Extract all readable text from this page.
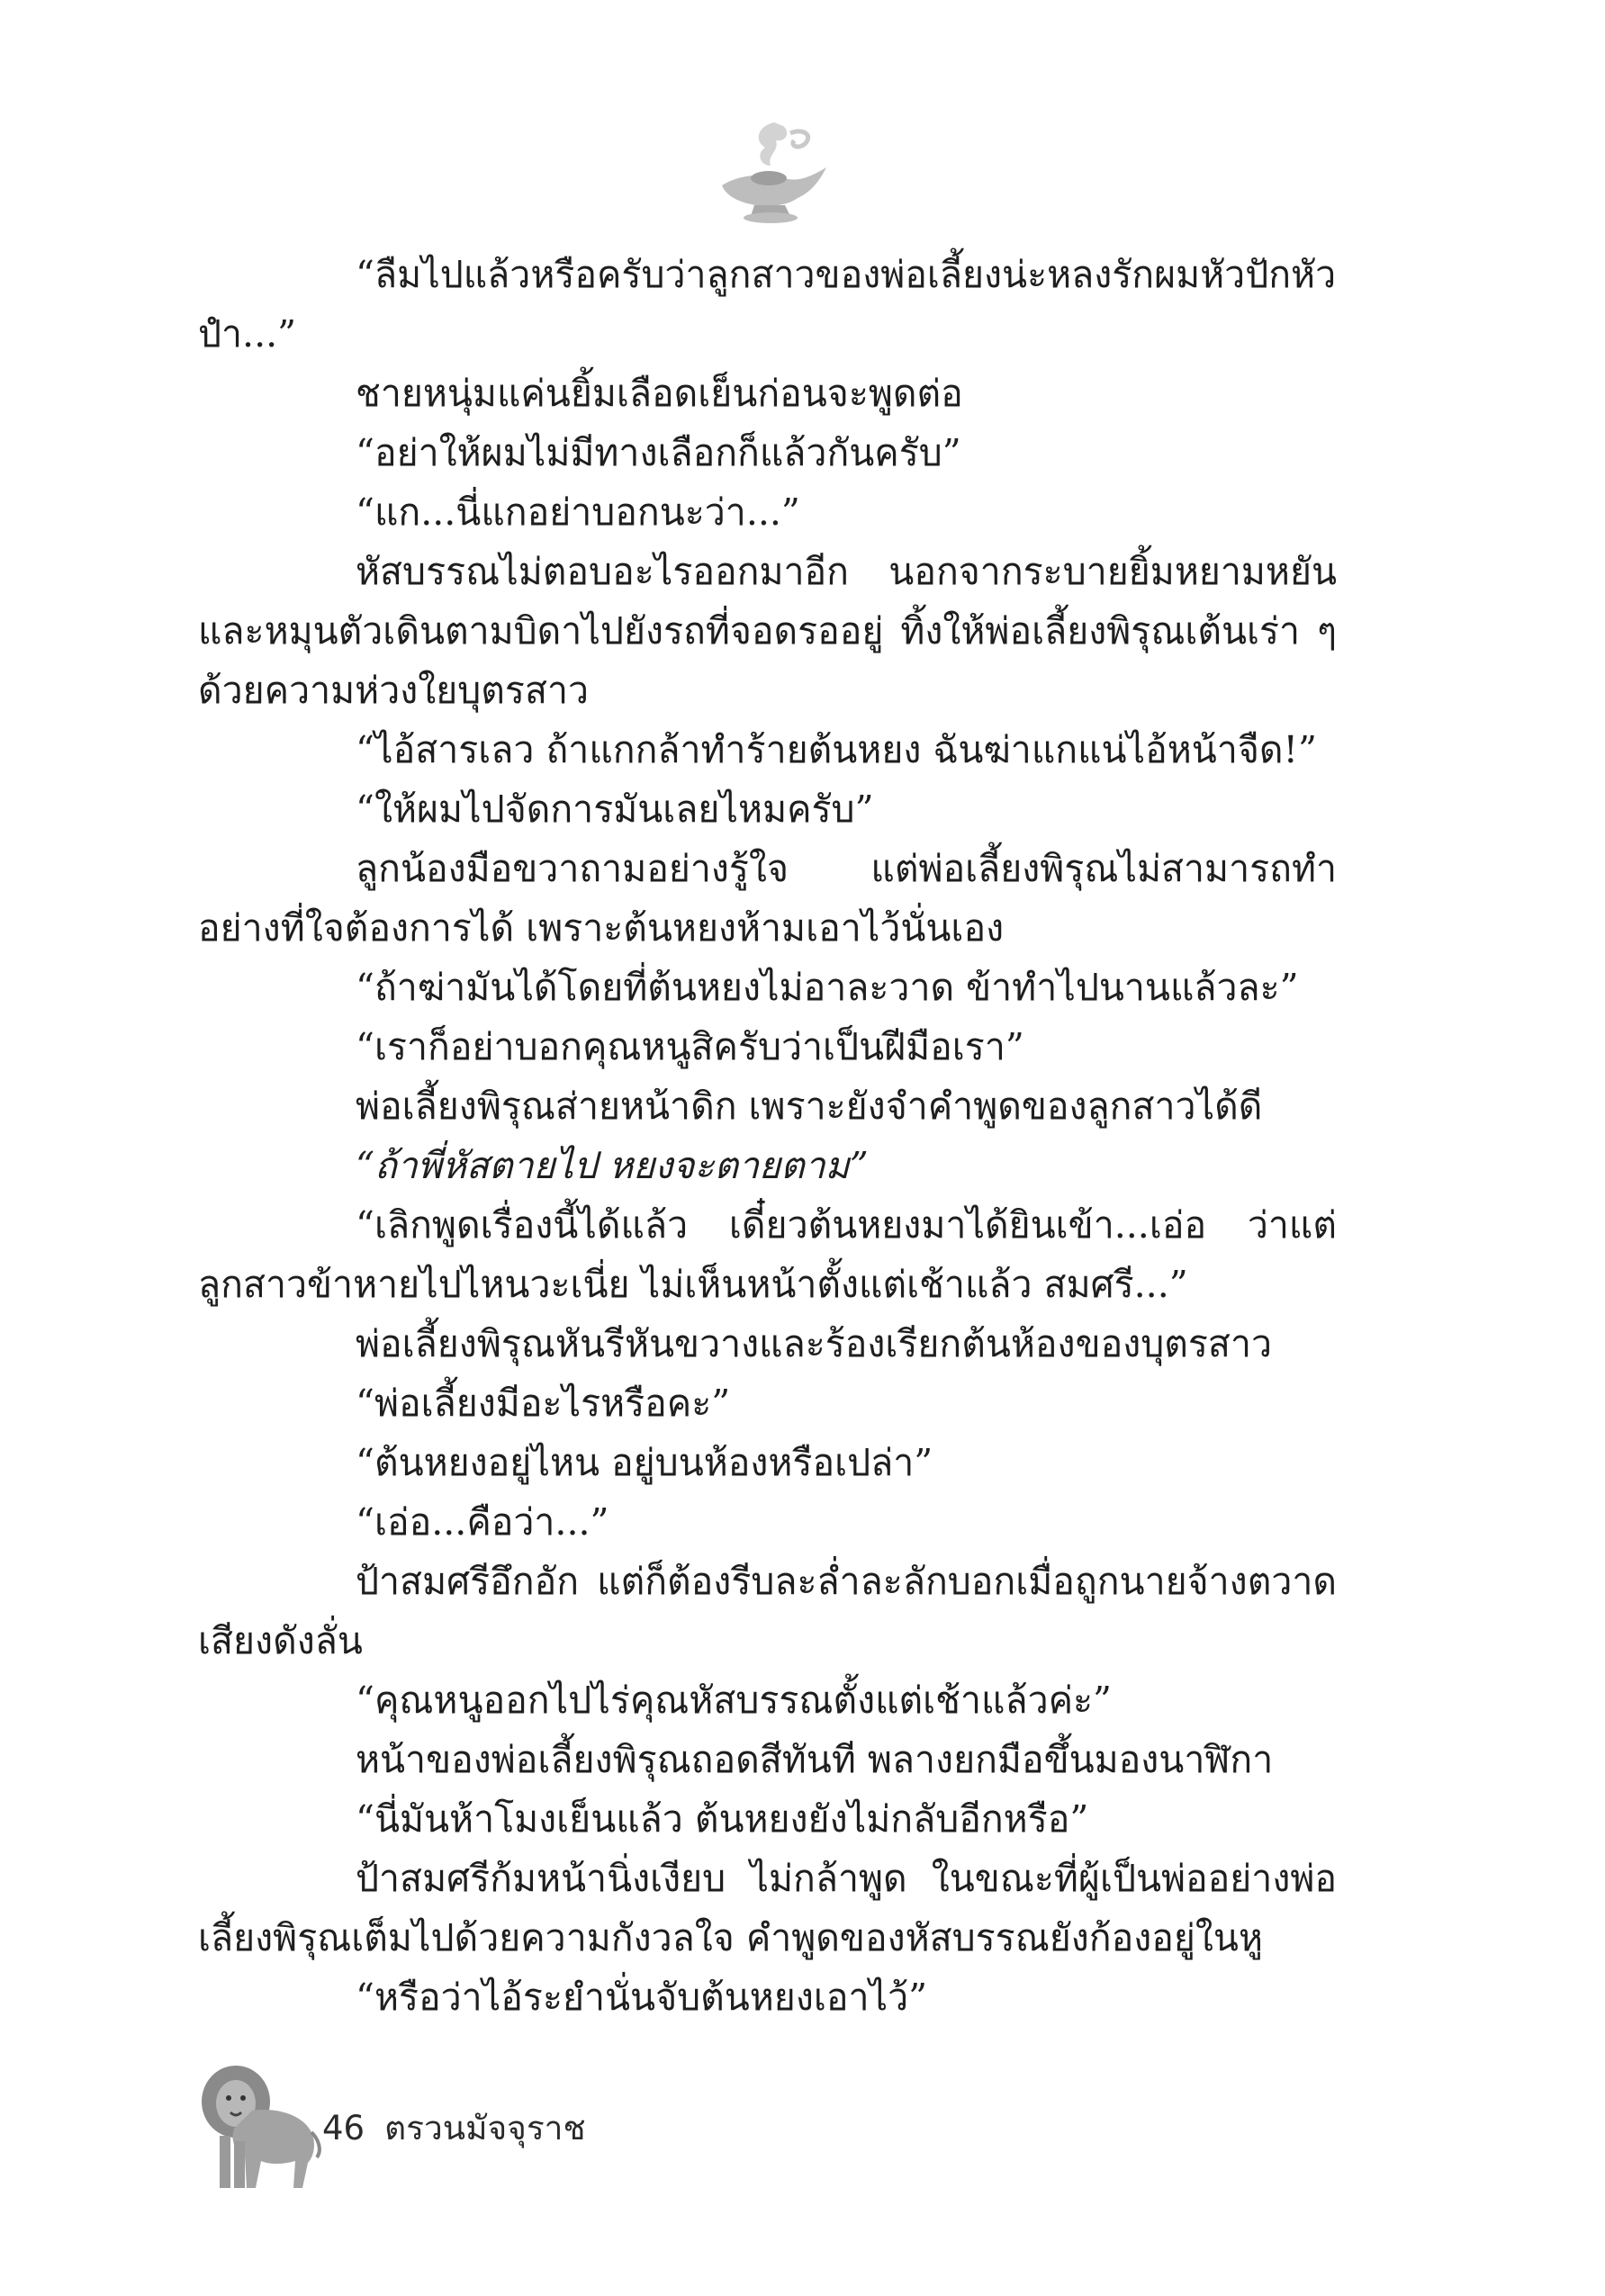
“ลืมไปแล้วหรือครับว่าลูกสาวของพ่อเลี้ยงน่ะหลงรักผมหัวปักหัวปำ...”

ชายหนุ่มแค่นยิ้มเลือดเย็นก่อนจะพูดต่อ

“อย่าให้ผมไม่มีทางเลือกก็แล้วกันครับ”

“แก...นี่แกอย่าบอกนะว่า...”

หัสบรรณไม่ตอบอะไรออกมาอีก นอกจากระบายยิ้มหยามหยัน และหมุนตัวเดินตามบิดาไปยังรถที่จอดรออยู่ ทิ้งให้พ่อเลี้ยงพิรุณเต้นเร่า ๆ ด้วยความห่วงใยบุตรสาว

“ไอ้สารเลว ถ้าแกกล้าทำร้ายต้นหยง ฉันฆ่าแกแน่ไอ้หน้าจืด!”

“ให้ผมไปจัดการมันเลยไหมครับ”

ลูกน้องมือขวาถามอย่างรู้ใจ แต่พ่อเลี้ยงพิรุณไม่สามารถทำอย่างที่ใจต้องการได้ เพราะต้นหยงห้ามเอาไว้นั่นเอง

“ถ้าฆ่ามันได้โดยที่ต้นหยงไม่อาละวาด ข้าทำไปนานแล้วละ”

“เราก็อย่าบอกคุณหนูสิครับว่าเป็นฝีมือเรา”

พ่อเลี้ยงพิรุณส่ายหน้าดิก เพราะยังจำคำพูดของลูกสาวได้ดี

“ถ้าพี่หัสตายไป หยงจะตายตาม”

“เลิกพูดเรื่องนี้ได้แล้ว เดี๋ยวต้นหยงมาได้ยินเข้า...เอ่อ ว่าแต่ลูกสาวข้าหายไปไหนวะเนี่ย ไม่เห็นหน้าตั้งแต่เช้าแล้ว สมศรี...”

พ่อเลี้ยงพิรุณหันรีหันขวางและร้องเรียกต้นห้องของบุตรสาว

“พ่อเลี้ยงมีอะไรหรือคะ”

“ต้นหยงอยู่ไหน อยู่บนห้องหรือเปล่า”

“เอ่อ...คือว่า...”

ป้าสมศรีอึกอัก แต่ก็ต้องรีบละล่ำละลักบอกเมื่อถูกนายจ้างตวาดเสียงดังลั่น

“คุณหนูออกไปไร่คุณหัสบรรณตั้งแต่เช้าแล้วค่ะ”

หน้าของพ่อเลี้ยงพิรุณถอดสีทันที พลางยกมือขึ้นมองนาฬิกา

“นี่มันห้าโมงเย็นแล้ว ต้นหยงยังไม่กลับอีกหรือ”

ป้าสมศรีก้มหน้านิ่งเงียบ ไม่กล้าพูด ในขณะที่ผู้เป็นพ่ออย่างพ่อเลี้ยงพิรุณเต็มไปด้วยความกังวลใจ คำพูดของหัสบรรณยังก้องอยู่ในหู

“หรือว่าไอ้ระยำนั่นจับต้นหยงเอาไว้”

46 ตรวนมัจจุราช
